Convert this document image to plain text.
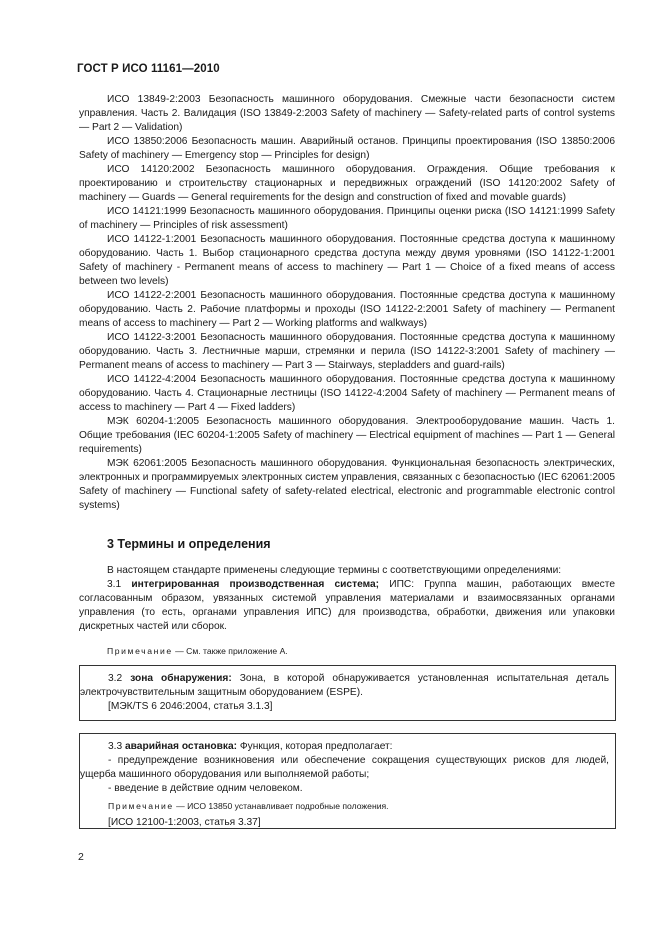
ГОСТ Р ИСО 11161—2010

ИСО 13849-2:2003 Безопасность машинного оборудования. Смежные части безопасности систем управления. Часть 2. Валидация (ISO 13849-2:2003 Safety of machinery — Safety-related parts of control systems — Part 2 — Validation)

ИСО 13850:2006 Безопасность машин. Аварийный останов. Принципы проектирования (ISO 13850:2006 Safety of machinery — Emergency stop — Principles for design)

ИСО 14120:2002 Безопасность машинного оборудования. Ограждения. Общие требования к проектированию и строительству стационарных и передвижных ограждений (ISO 14120:2002 Safety of machinery — Guards — General requirements for the design and construction of fixed and movable guards)

ИСО 14121:1999 Безопасность машинного оборудования. Принципы оценки риска (ISO 14121:1999 Safety of machinery — Principles of risk assessment)

ИСО 14122-1:2001 Безопасность машинного оборудования. Постоянные средства доступа к машинному оборудованию. Часть 1. Выбор стационарного средства доступа между двумя уровнями (ISO 14122-1:2001 Safety of machinery - Permanent means of access to machinery — Part 1 — Choice of a fixed means of access between two levels)

ИСО 14122-2:2001 Безопасность машинного оборудования. Постоянные средства доступа к машинному оборудованию. Часть 2. Рабочие платформы и проходы (ISO 14122-2:2001 Safety of machinery — Permanent means of access to machinery — Part 2 — Working platforms and walkways)

ИСО 14122-3:2001 Безопасность машинного оборудования. Постоянные средства доступа к машинному оборудованию. Часть 3. Лестничные марши, стремянки и перила (ISO 14122-3:2001 Safety of machinery — Permanent means of access to machinery — Part 3 — Stairways, stepladders and guard-rails)

ИСО 14122-4:2004 Безопасность машинного оборудования. Постоянные средства доступа к машинному оборудованию. Часть 4. Стационарные лестницы (ISO 14122-4:2004 Safety of machinery — Permanent means of access to machinery — Part 4 — Fixed ladders)

МЭК 60204-1:2005 Безопасность машинного оборудования. Электрооборудование машин. Часть 1. Общие требования (IEC 60204-1:2005 Safety of machinery — Electrical equipment of machines — Part 1 — General requirements)

МЭК 62061:2005 Безопасность машинного оборудования. Функциональная безопасность электрических, электронных и программируемых электронных систем управления, связанных с безопасностью (IEC 62061:2005 Safety of machinery — Functional safety of safety-related electrical, electronic and programmable electronic control systems)

3 Термины и определения

В настоящем стандарте применены следующие термины с соответствующими определениями:

3.1 интегрированная производственная система; ИПС: Группа машин, работающих вместе согласованным образом, увязанных системой управления материалами и взаимосвязанных органами управления (то есть, органами управления ИПС) для производства, обработки, движения или упаковки дискретных частей или сборок.

Примечание — См. также приложение А.

3.2 зона обнаружения: Зона, в которой обнаруживается установленная испытательная деталь электрочувствительным защитным оборудованием (ESPE).

[МЭК/TS 6 2046:2004, статья 3.1.3]

3.3 аварийная остановка: Функция, которая предполагает:

- предупреждение возникновения или обеспечение сокращения существующих рисков для людей, ущерба машинного оборудования или выполняемой работы;

- введение в действие одним человеком.

Примечание — ИСО 13850 устанавливает подробные положения.

[ИСО 12100-1:2003, статья 3.37]

2
